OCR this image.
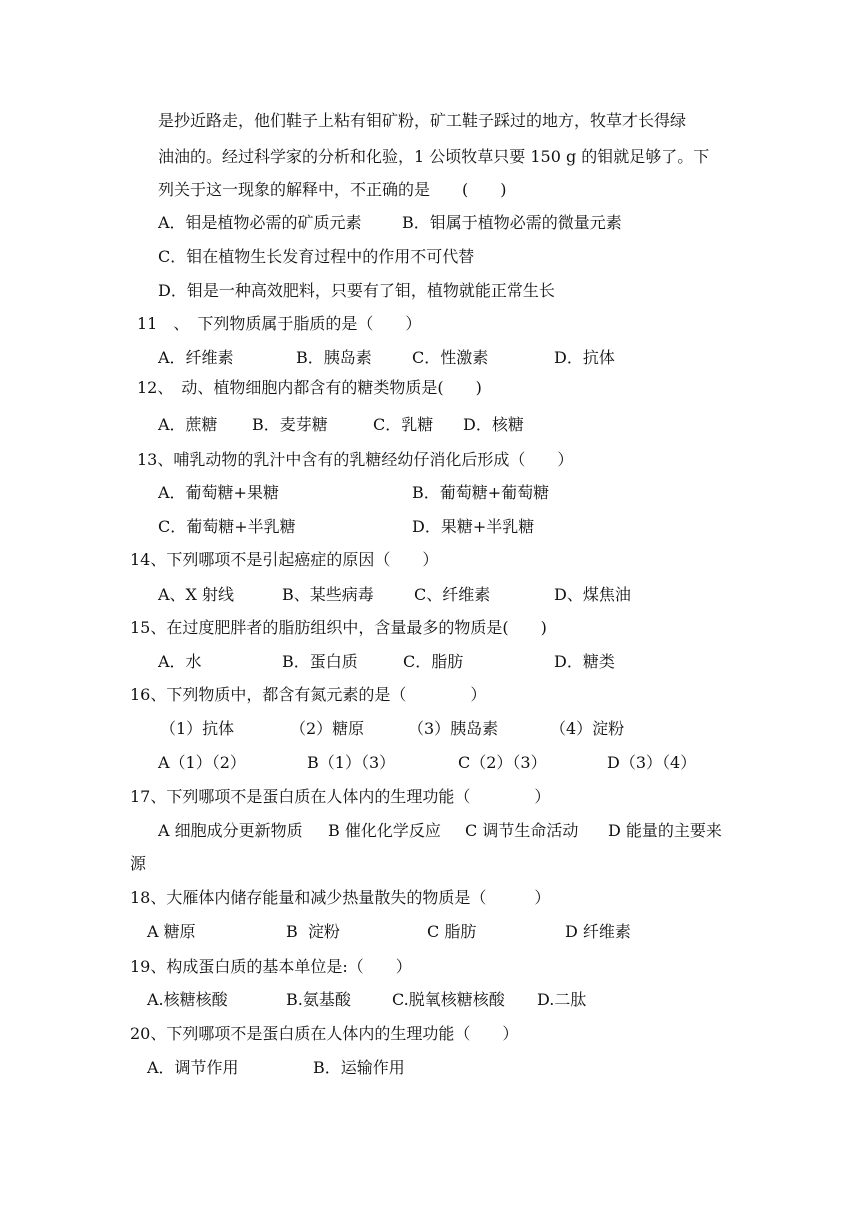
是抄近路走，他们鞋子上粘有钼矿粉，矿工鞋子踩过的地方，牧草才长得绿
油油的。经过科学家的分析和化验，1 公顷牧草只要 150 g 的钼就足够了。下
列关于这一现象的解释中，不正确的是　　(　　)
A．钼是植物必需的矿质元素	B．钼属于植物必需的微量元素
C．钼在植物生长发育过程中的作用不可代替
D．钼是一种高效肥料，只要有了钼，植物就能正常生长
11　、　下列物质属于脂质的是（　　）
A．纤维素	B．胰岛素	C．性激素	D．抗体
12、　动、植物细胞内都含有的糖类物质是(　　)
A．蔗糖 B．麦芽糖	C．乳糖 D．核糖
13、哺乳动物的乳汁中含有的乳糖经幼仔消化后形成（　　）
A．葡萄糖+果糖	B．葡萄糖+葡萄糖
C．葡萄糖+半乳糖	D．果糖+半乳糖
14、下列哪项不是引起癌症的原因（　　）
A、X 射线	B、某些病毒	C、纤维素	D、煤焦油
15、在过度肥胖者的脂肪组织中，含量最多的物质是(　　)
A．水	B．蛋白质	C．脂肪	D．糖类
16、下列物质中，都含有氮元素的是（　　　　）
（1）抗体	（2）糖原	（3）胰岛素	（4）淀粉
A（1）（2）	B（1）（3）	C（2）（3）	D（3）（4）
17、下列哪项不是蛋白质在人体内的生理功能（　　　　）
A 细胞成分更新物质 B 催化化学反应 C 调节生命活动 D 能量的主要来
源
18、大雁体内储存能量和减少热量散失的物质是（　　　）
A 糖原	B  淀粉	C 脂肪	D 纤维素
19、构成蛋白质的基本单位是:（　　）
A.核糖核酸	B.氨基酸	C.脱氧核糖核酸 D.二肽
20、下列哪项不是蛋白质在人体内的生理功能（　　）
A．调节作用	B．运输作用
